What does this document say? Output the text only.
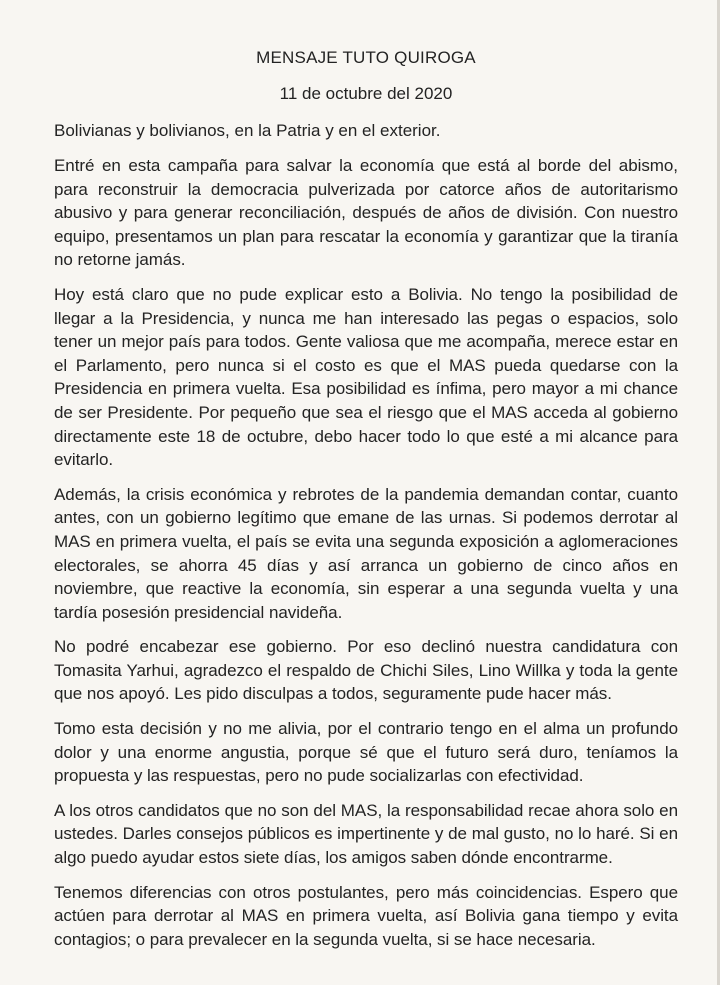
MENSAJE TUTO QUIROGA

11 de octubre del 2020

Bolivianas y bolivianos, en la Patria y en el exterior.

Entré en esta campaña para salvar la economía que está al borde del abismo, para reconstruir la democracia pulverizada por catorce años de autoritarismo abusivo y para generar reconciliación, después de años de división. Con nuestro equipo, presentamos un plan para rescatar la economía y garantizar que la tiranía no retorne jamás.

Hoy está claro que no pude explicar esto a Bolivia. No tengo la posibilidad de llegar a la Presidencia, y nunca me han interesado las pegas o espacios, solo tener un mejor país para todos. Gente valiosa que me acompaña, merece estar en el Parlamento, pero nunca si el costo es que el MAS pueda quedarse con la Presidencia en primera vuelta. Esa posibilidad es ínfima, pero mayor a mi chance de ser Presidente. Por pequeño que sea el riesgo que el MAS acceda al gobierno directamente este 18 de octubre, debo hacer todo lo que esté a mi alcance para evitarlo.

Además, la crisis económica y rebrotes de la pandemia demandan contar, cuanto antes, con un gobierno legítimo que emane de las urnas. Si podemos derrotar al MAS en primera vuelta, el país se evita una segunda exposición a aglomeraciones electorales, se ahorra 45 días y así arranca un gobierno de cinco años en noviembre, que reactive la economía, sin esperar a una segunda vuelta y una tardía posesión presidencial navideña.

No podré encabezar ese gobierno. Por eso declinó nuestra candidatura con Tomasita Yarhui, agradezco el respaldo de Chichi Siles, Lino Willka y toda la gente que nos apoyó. Les pido disculpas a todos, seguramente pude hacer más.

Tomo esta decisión y no me alivia, por el contrario tengo en el alma un profundo dolor y una enorme angustia, porque sé que el futuro será duro, teníamos la propuesta y las respuestas, pero no pude socializarlas con efectividad.

A los otros candidatos que no son del MAS, la responsabilidad recae ahora solo en ustedes. Darles consejos públicos es impertinente y de mal gusto, no lo haré. Si en algo puedo ayudar estos siete días, los amigos saben dónde encontrarme.

Tenemos diferencias con otros postulantes, pero más coincidencias. Espero que actúen para derrotar al MAS en primera vuelta, así Bolivia gana tiempo y evita contagios; o para prevalecer en la segunda vuelta, si se hace necesaria.
